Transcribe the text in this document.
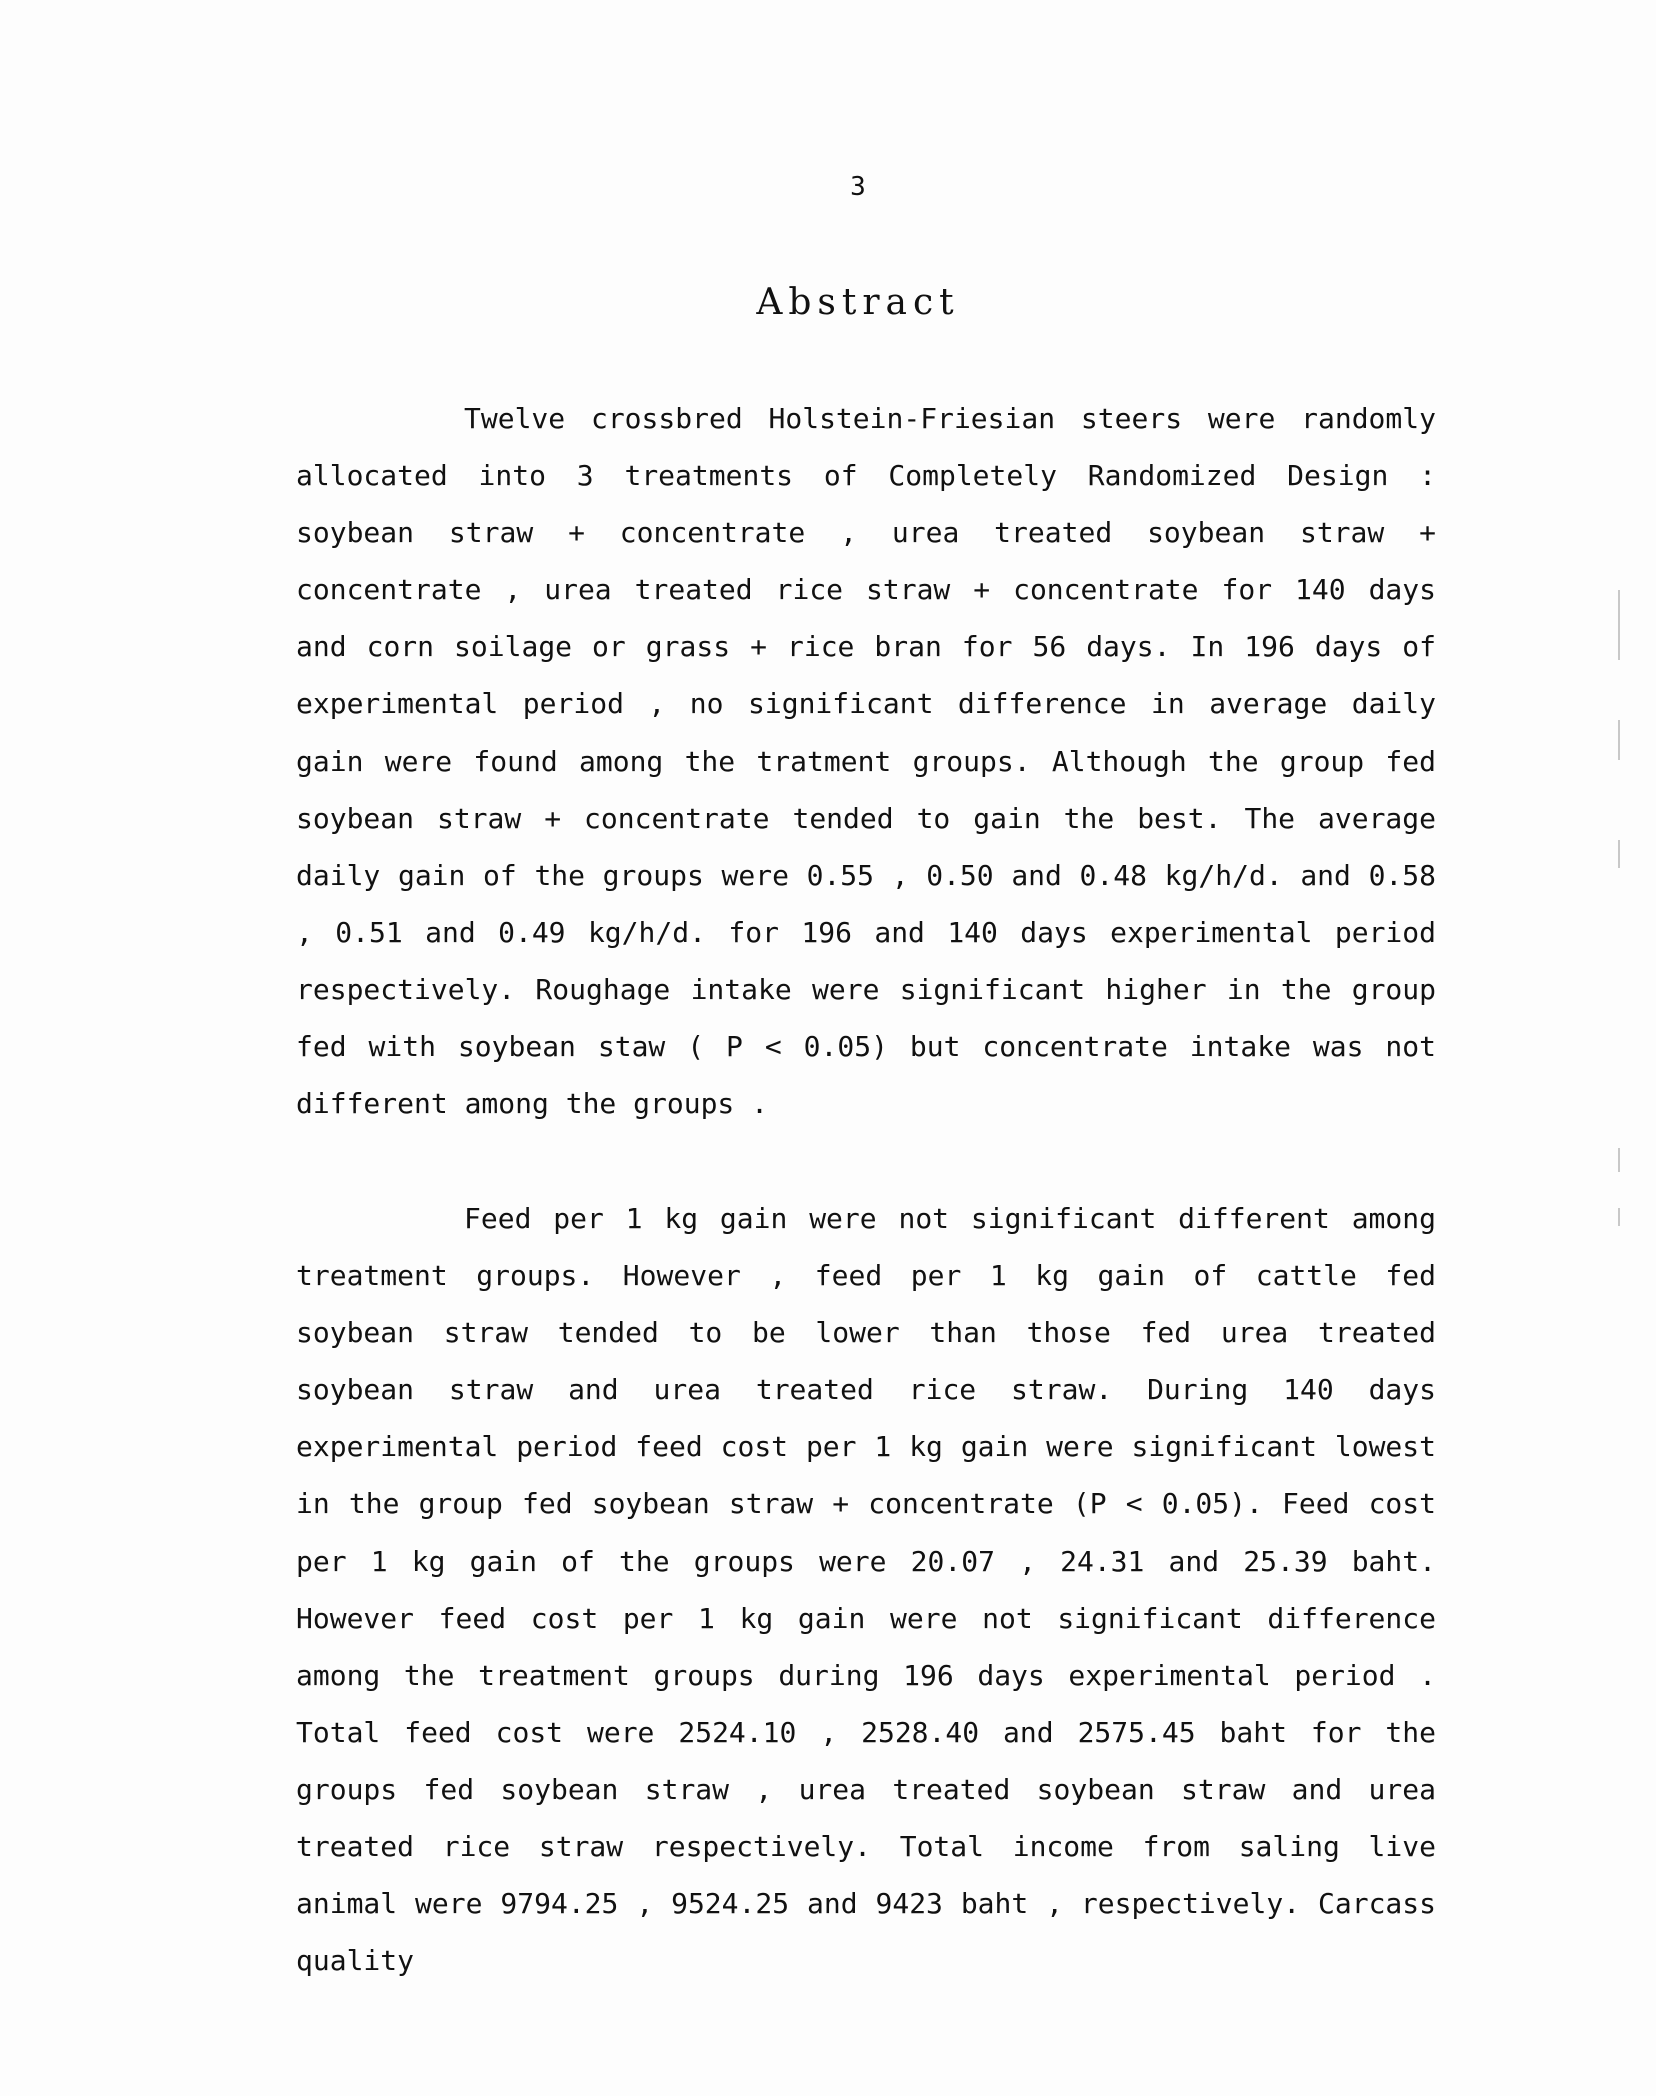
3
Abstract

Twelve crossbred Holstein-Friesian steers were randomly allocated into 3 treatments of Completely Randomized Design : soybean straw + concentrate , urea treated soybean straw + concentrate , urea treated rice straw + concentrate for 140 days and corn soilage or grass + rice bran for 56 days. In 196 days of experimental period , no significant difference in average daily gain were found among the tratment groups. Although the group fed soybean straw + concentrate tended to gain the best. The average daily gain of the groups were 0.55 , 0.50 and 0.48 kg/h/d. and 0.58 , 0.51 and 0.49 kg/h/d. for 196 and 140 days experimental period respectively. Roughage intake were significant higher in the group fed with soybean staw ( P < 0.05) but concentrate intake was not different among the groups .

Feed per 1 kg gain were not significant different among treatment groups. However , feed per 1 kg gain of cattle fed soybean straw tended to be lower than those fed urea treated soybean straw and urea treated rice straw. During 140 days experimental period feed cost per 1 kg gain were significant lowest in the group fed soybean straw + concentrate (P < 0.05). Feed cost per 1 kg gain of the groups were 20.07 , 24.31 and 25.39 baht. However feed cost per 1 kg gain were not significant difference among the treatment groups during 196 days experimental period . Total feed cost were 2524.10 , 2528.40 and 2575.45 baht for the groups fed soybean straw , urea treated soybean straw and urea treated rice straw respectively. Total income from saling live animal were 9794.25 , 9524.25 and 9423 baht , respectively. Carcass quality
